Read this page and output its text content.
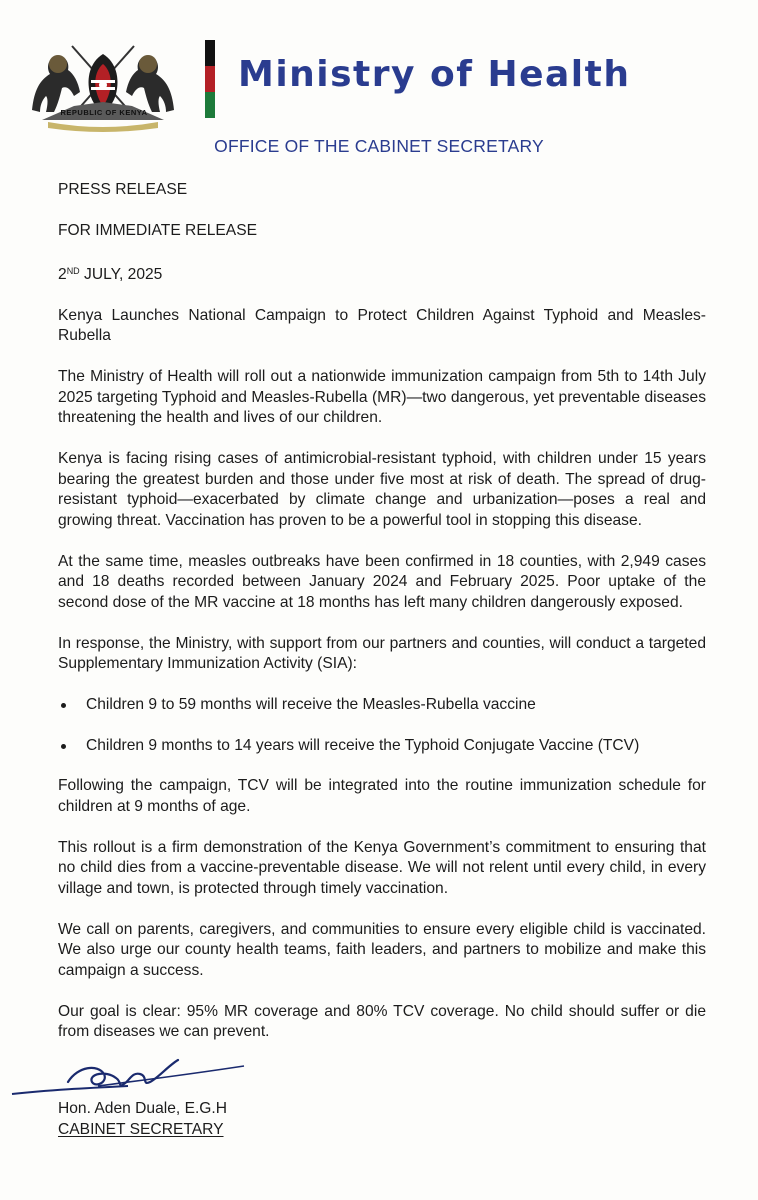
REPUBLIC OF KENYA
Ministry of Health
OFFICE OF THE CABINET SECRETARY

PRESS RELEASE

FOR IMMEDIATE RELEASE

2ND JULY, 2025

Kenya Launches National Campaign to Protect Children Against Typhoid and Measles-Rubella

The Ministry of Health will roll out a nationwide immunization campaign from 5th to 14th July 2025 targeting Typhoid and Measles-Rubella (MR)—two dangerous, yet preventable diseases threatening the health and lives of our children.

Kenya is facing rising cases of antimicrobial-resistant typhoid, with children under 15 years bearing the greatest burden and those under five most at risk of death. The spread of drug-resistant typhoid—exacerbated by climate change and urbanization—poses a real and growing threat. Vaccination has proven to be a powerful tool in stopping this disease.

At the same time, measles outbreaks have been confirmed in 18 counties, with 2,949 cases and 18 deaths recorded between January 2024 and February 2025. Poor uptake of the second dose of the MR vaccine at 18 months has left many children dangerously exposed.

In response, the Ministry, with support from our partners and counties, will conduct a targeted Supplementary Immunization Activity (SIA):

Children 9 to 59 months will receive the Measles-Rubella vaccine

Children 9 months to 14 years will receive the Typhoid Conjugate Vaccine (TCV)

Following the campaign, TCV will be integrated into the routine immunization schedule for children at 9 months of age.

This rollout is a firm demonstration of the Kenya Government’s commitment to ensuring that no child dies from a vaccine-preventable disease. We will not relent until every child, in every village and town, is protected through timely vaccination.

We call on parents, caregivers, and communities to ensure every eligible child is vaccinated. We also urge our county health teams, faith leaders, and partners to mobilize and make this campaign a success.

Our goal is clear: 95% MR coverage and 80% TCV coverage. No child should suffer or die from diseases we can prevent.

Hon. Aden Duale, E.G.H
CABINET SECRETARY
